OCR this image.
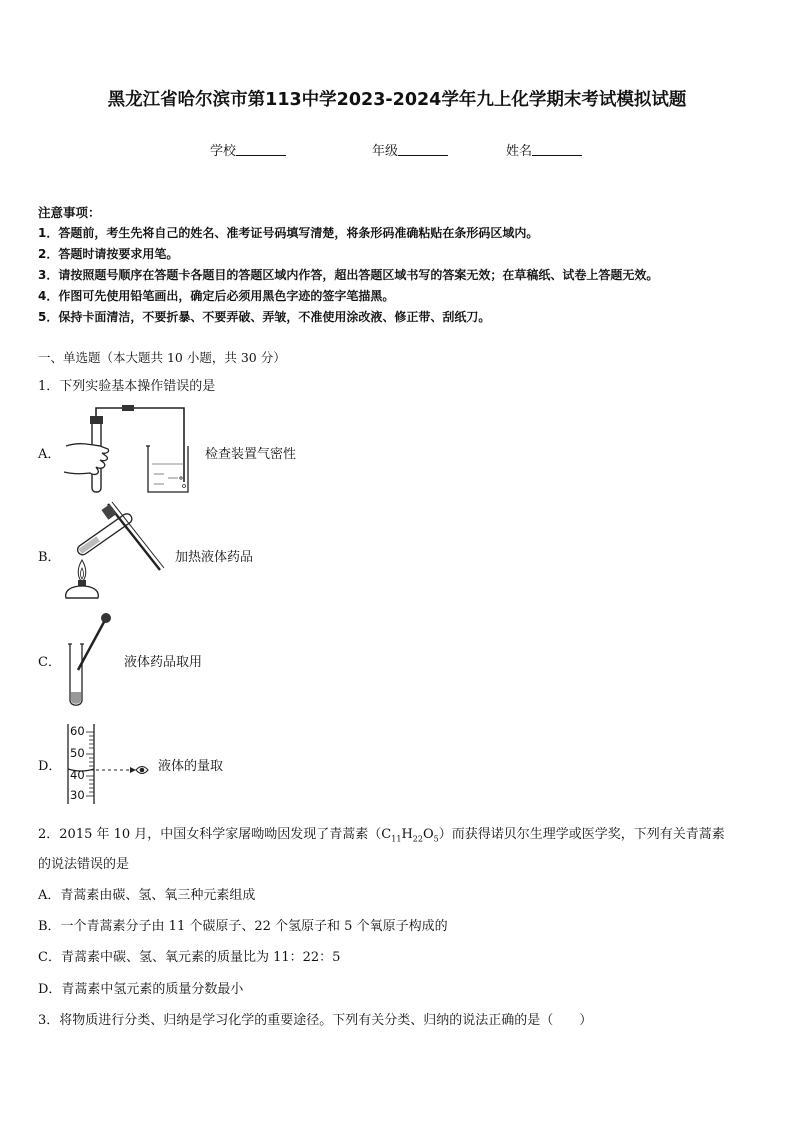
黑龙江省哈尔滨市第113中学2023-2024学年九上化学期末考试模拟试题
学校	年级	姓名
注意事项：
1．答题前，考生先将自己的姓名、准考证号码填写清楚，将条形码准确粘贴在条形码区域内。
2．答题时请按要求用笔。
3．请按照题号顺序在答题卡各题目的答题区域内作答，超出答题区域书写的答案无效；在草稿纸、试卷上答题无效。
4．作图可先使用铅笔画出，确定后必须用黑色字迹的签字笔描黑。
5．保持卡面清洁，不要折暴、不要弄破、弄皱，不准使用涂改液、修正带、刮纸刀。
一、单选题（本大题共 10 小题，共 30 分）
1．下列实验基本操作错误的是
A．	检查装置气密性
B．	加热液体药品
C．	液体药品取用
D．
60
50
40
30
液体的量取
2．2015 年 10 月，中国女科学家屠呦呦因发现了青蒿素$(C_{11}H_{22}O_5)$而获得诺贝尔生理学或医学奖，下列有关青蒿素
的说法错误的是
A．青蒿素由碳、氢、氧三种元素组成
B．一个青蒿素分子由 11 个碳原子、22 个氢原子和 5 个氧原子构成的
C．青蒿素中碳、氢、氧元素的质量比为 11：22：5
D．青蒿素中氢元素的质量分数最小
3．将物质进行分类、归纳是学习化学的重要途径。下列有关分类、归纳的说法正确的是（　　）
